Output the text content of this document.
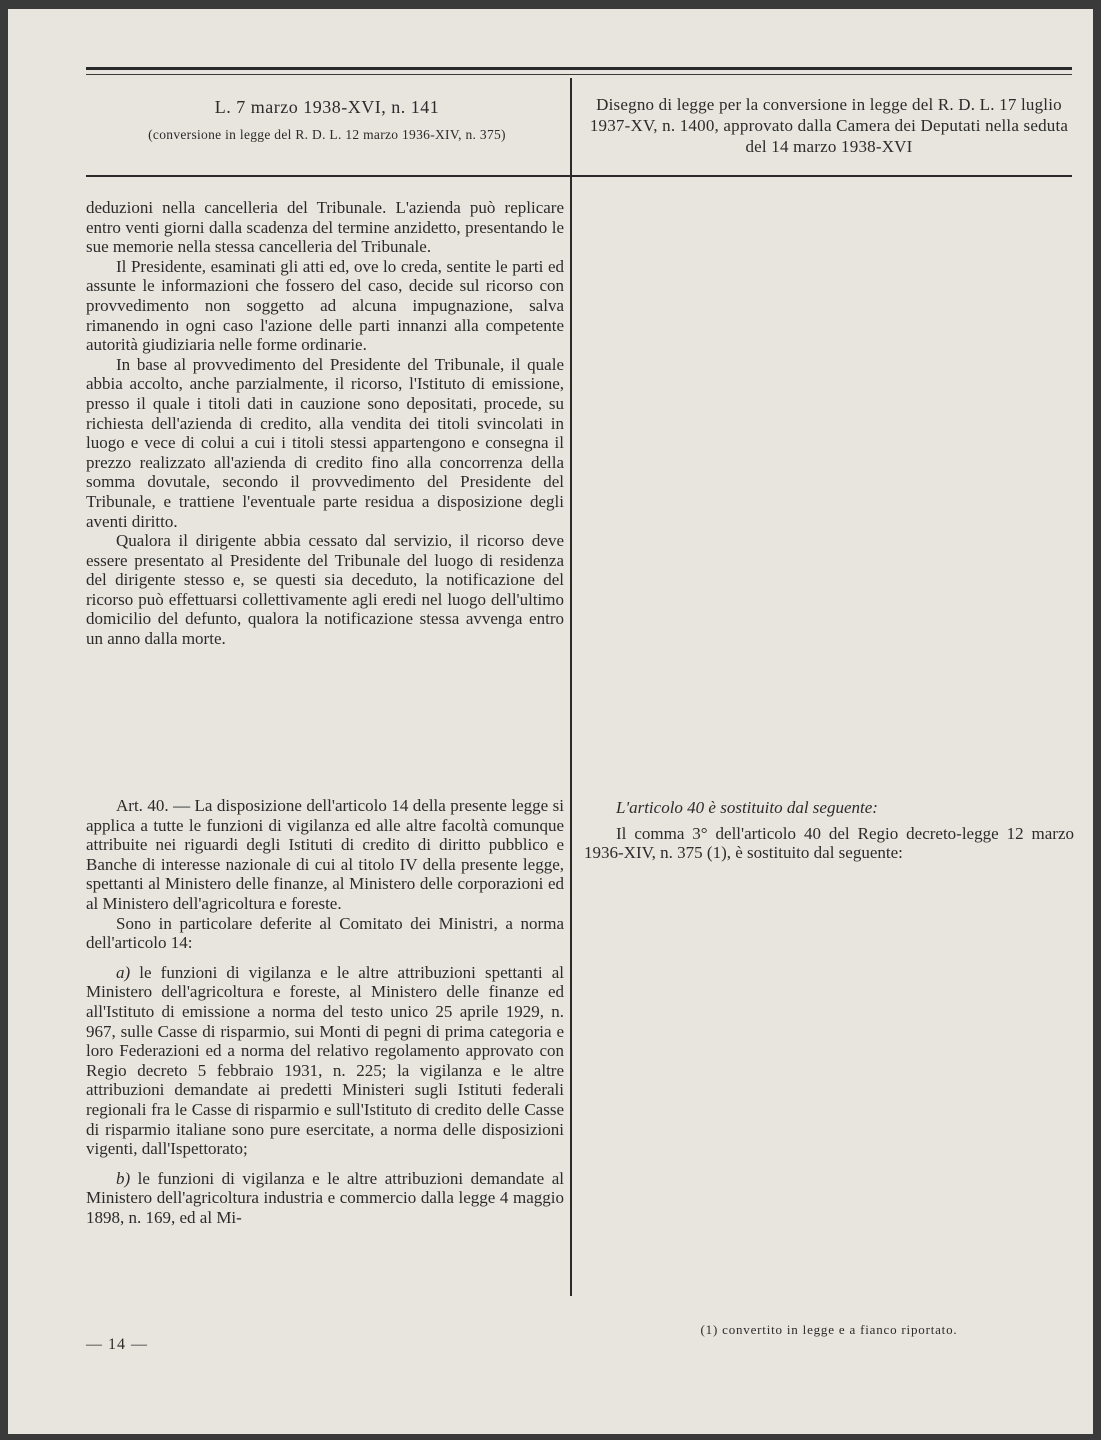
L. 7 marzo 1938-XVI, n. 141
(conversione in legge del R. D. L. 12 marzo 1936-XIV, n. 375)
Disegno di legge per la conversione in legge del R. D. L. 17 luglio 1937-XV, n. 1400, approvato dalla Camera dei Deputati nella seduta del 14 marzo 1938-XVI

deduzioni nella cancelleria del Tribunale. L'azienda può replicare entro venti giorni dalla scadenza del termine anzidetto, presentando le sue memorie nella stessa cancelleria del Tribunale.

Il Presidente, esaminati gli atti ed, ove lo creda, sentite le parti ed assunte le informazioni che fossero del caso, decide sul ricorso con provvedimento non soggetto ad alcuna impugnazione, salva rimanendo in ogni caso l'azione delle parti innanzi alla competente autorità giudiziaria nelle forme ordinarie.

In base al provvedimento del Presidente del Tribunale, il quale abbia accolto, anche parzialmente, il ricorso, l'Istituto di emissione, presso il quale i titoli dati in cauzione sono depositati, procede, su richiesta dell'azienda di credito, alla vendita dei titoli svincolati in luogo e vece di colui a cui i titoli stessi appartengono e consegna il prezzo realizzato all'azienda di credito fino alla concorrenza della somma dovutale, secondo il provvedimento del Presidente del Tribunale, e trattiene l'eventuale parte residua a disposizione degli aventi diritto.

Qualora il dirigente abbia cessato dal servizio, il ricorso deve essere presentato al Presidente del Tribunale del luogo di residenza del dirigente stesso e, se questi sia deceduto, la notificazione del ricorso può effettuarsi collettivamente agli eredi nel luogo dell'ultimo domicilio del defunto, qualora la notificazione stessa avvenga entro un anno dalla morte.

Art. 40. — La disposizione dell'articolo 14 della presente legge si applica a tutte le funzioni di vigilanza ed alle altre facoltà comunque attribuite nei riguardi degli Istituti di credito di diritto pubblico e Banche di interesse nazionale di cui al titolo IV della presente legge, spettanti al Ministero delle finanze, al Ministero delle corporazioni ed al Ministero dell'agricoltura e foreste.

Sono in particolare deferite al Comitato dei Ministri, a norma dell'articolo 14:

a) le funzioni di vigilanza e le altre attribuzioni spettanti al Ministero dell'agricoltura e foreste, al Ministero delle finanze ed all'Istituto di emissione a norma del testo unico 25 aprile 1929, n. 967, sulle Casse di risparmio, sui Monti di pegni di prima categoria e loro Federazioni ed a norma del relativo regolamento approvato con Regio decreto 5 febbraio 1931, n. 225; la vigilanza e le altre attribuzioni demandate ai predetti Ministeri sugli Istituti federali regionali fra le Casse di risparmio e sull'Istituto di credito delle Casse di risparmio italiane sono pure esercitate, a norma delle disposizioni vigenti, dall'Ispettorato;

b) le funzioni di vigilanza e le altre attribuzioni demandate al Ministero dell'agricoltura industria e commercio dalla legge 4 maggio 1898, n. 169, ed al Mi-

L'articolo 40 è sostituito dal seguente:

Il comma 3° dell'articolo 40 del Regio decreto-legge 12 marzo 1936-XIV, n. 375 (1), è sostituito dal seguente:

— 14 —
(1) convertito in legge e a fianco riportato.
